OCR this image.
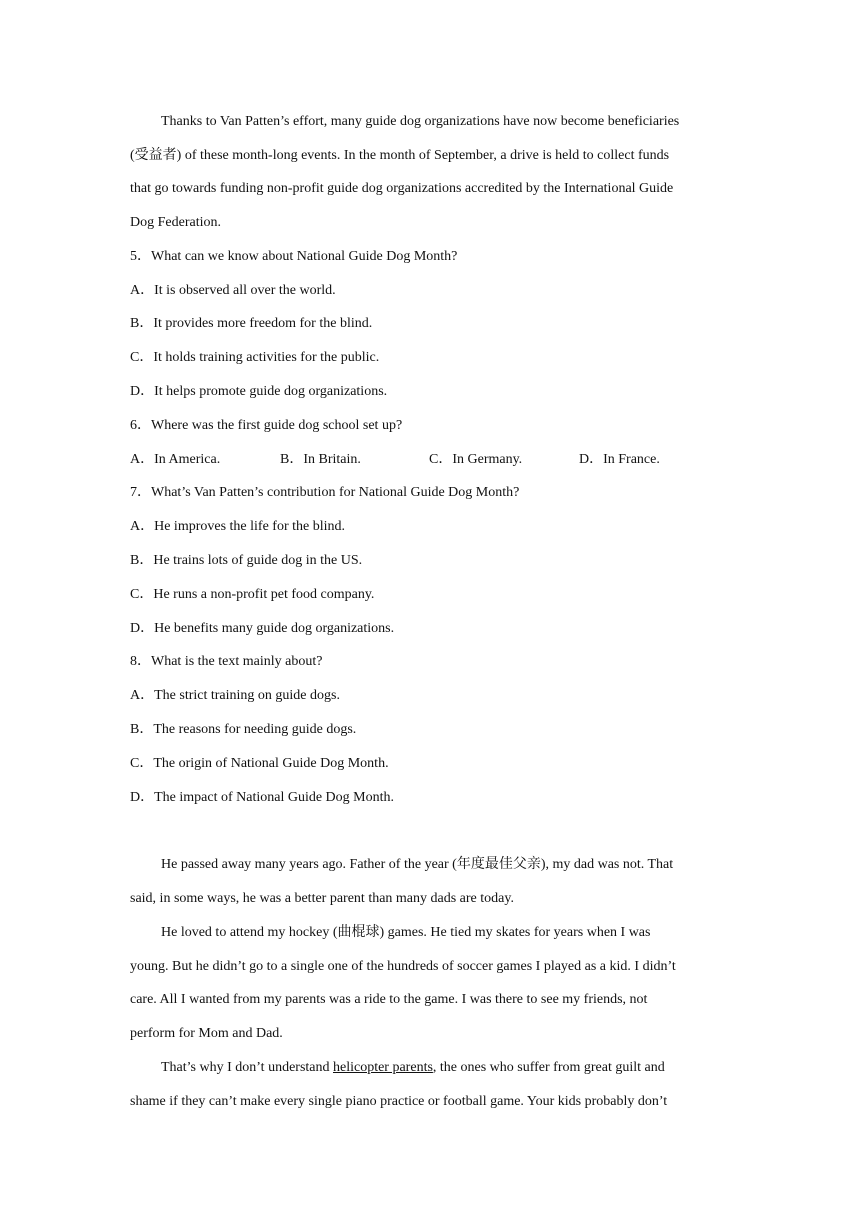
Thanks to Van Patten’s effort, many guide dog organizations have now become beneficiaries
(受益者) of these month-long events. In the month of September, a drive is held to collect funds
that go towards funding non-profit guide dog organizations accredited by the International Guide
Dog Federation.
5．What can we know about National Guide Dog Month?
A．It is observed all over the world.
B．It provides more freedom for the blind.
C．It holds training activities for the public.
D．It helps promote guide dog organizations.
6．Where was the first guide dog school set up?
A．In America.	B．In Britain.	C．In Germany.	D．In France.
7．What’s Van Patten’s contribution for National Guide Dog Month?
A．He improves the life for the blind.
B．He trains lots of guide dog in the US.
C．He runs a non-profit pet food company.
D．He benefits many guide dog organizations.
8．What is the text mainly about?
A．The strict training on guide dogs.
B．The reasons for needing guide dogs.
C．The origin of National Guide Dog Month.
D．The impact of National Guide Dog Month.
He passed away many years ago. Father of the year (年度最佳父亲), my dad was not. That
said, in some ways, he was a better parent than many dads are today.
He loved to attend my hockey (曲棍球) games. He tied my skates for years when I was
young. But he didn’t go to a single one of the hundreds of soccer games I played as a kid. I didn’t
care. All I wanted from my parents was a ride to the game. I was there to see my friends, not
perform for Mom and Dad.
That’s why I don’t understand helicopter parents, the ones who suffer from great guilt and
shame if they can’t make every single piano practice or football game. Your kids probably don’t
